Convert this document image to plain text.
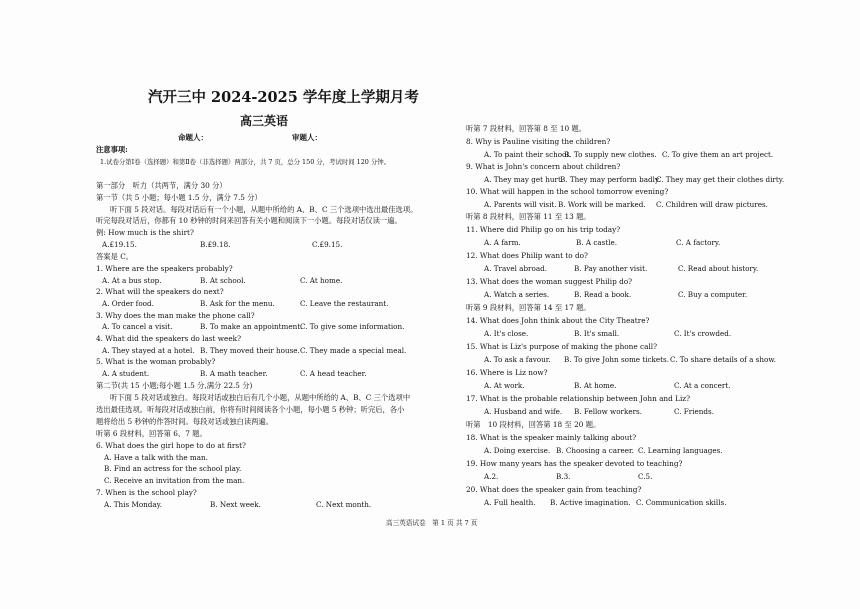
汽开三中 2024-2025 学年度上学期月考
高三英语
命题人：	审题人：
注意事项:
1.试卷分第Ⅰ卷（选择题）和第Ⅱ卷（非选择题）两部分，共 7 页，总分 150 分，考试时间 120 分钟。
第一部分　听力（共两节，满分 30 分）
第一节（共 5 小题；每小题 1.5 分，满分 7.5 分）
听下面 5 段对话。每段对话后有一个小题，从题中所给的 A、B、C 三个选项中选出最佳选项。
听完每段对话后，你都有 10 秒钟的时间来回答有关小题和阅读下一小题。每段对话仅读一遍。
例: How much is the shirt?
A.£19.15.	B.£9.18.	C.£9.15.
答案是 C。
1. Where are the speakers probably?
A. At a bus stop.	B. At school.	C. At home.
2. What will the speakers do next?
A. Order food.	B. Ask for the menu.	C. Leave the restaurant.
3. Why does the man make the phone call?
A. To cancel a visit.	B. To make an appointment.
C. To give some information.
4. What did the speakers do last week?
A. They stayed at a hotel. B. They moved their house. C. They made a special meal.
5. What is the woman probably?
A. A student.	B. A math teacher.	C. A head teacher.
第二节(共 15 小题;每小题 1.5 分,满分 22.5 分)
听下面 5 段对话或独白。每段对话或独白后有几个小题，从题中所给的 A、B、C 三个选项中
选出最佳选项。听每段对话或独白前，你将有时间阅读各个小题，每小题 5 秒钟；听完后，各小
题将给出 5 秒钟的作答时间。每段对话或独白读两遍。
听第 6 段材料，回答第 6、7 题。
6. What does the girl hope to do at first?
A. Have a talk with the man.
B. Find an actress for the school play.
C. Receive an invitation from the man.
7. When is the school play?
A. This Monday.	B. Next week.	C. Next month.
听第 7 段材料，回答第 8 至 10 题。
8. Why is Pauline visiting the children?
A. To paint their school.
B. To supply new clothes. C. To give them an art project.
9. What is John's concern about children?
A. They may get hurt.
B. They may perform badly.
C. They may get their clothes dirty.
10. What will happen in the school tomorrow evening?
A. Parents will visit. B. Work will be marked. C. Children will draw pictures.
听第 8 段材料，回答第 11 至 13 题。
11. Where did Philip go on his trip today?
A. A farm.	B. A castle.	C. A factory.
12. What does Philip want to do?
A. Travel abroad.	B. Pay another visit.	C. Read about history.
13. What does the woman suggest Philip do?
A. Watch a series.	B. Read a book.	C. Buy a computer.
听第 9 段材料，回答第 14 至 17 题。
14. What does John think about the City Theatre?
A. It's close.	B. It's small.	C. It's crowded.
15. What is Liz's purpose of making the phone call?
A. To ask a favour. B. To give John some tickets. C. To share details of a show.
16. Where is Liz now?
A. At work.	B. At home.	C. At a concert.
17. What is the probable relationship between John and Liz?
A. Husband and wife. B. Fellow workers.	C. Friends.
听第　10 段材料，回答第 18 至 20 题。
18. What is the speaker mainly talking about?
A. Doing exercise. B. Choosing a career. C. Learning languages.
19. How many years has the speaker devoted to teaching?
A.2.	B.3.	C.5.
20. What does the speaker gain from teaching?
A. Full health. B. Active imagination. C. Communication skills.
高三英语试卷　第 1 页 共 7 页
